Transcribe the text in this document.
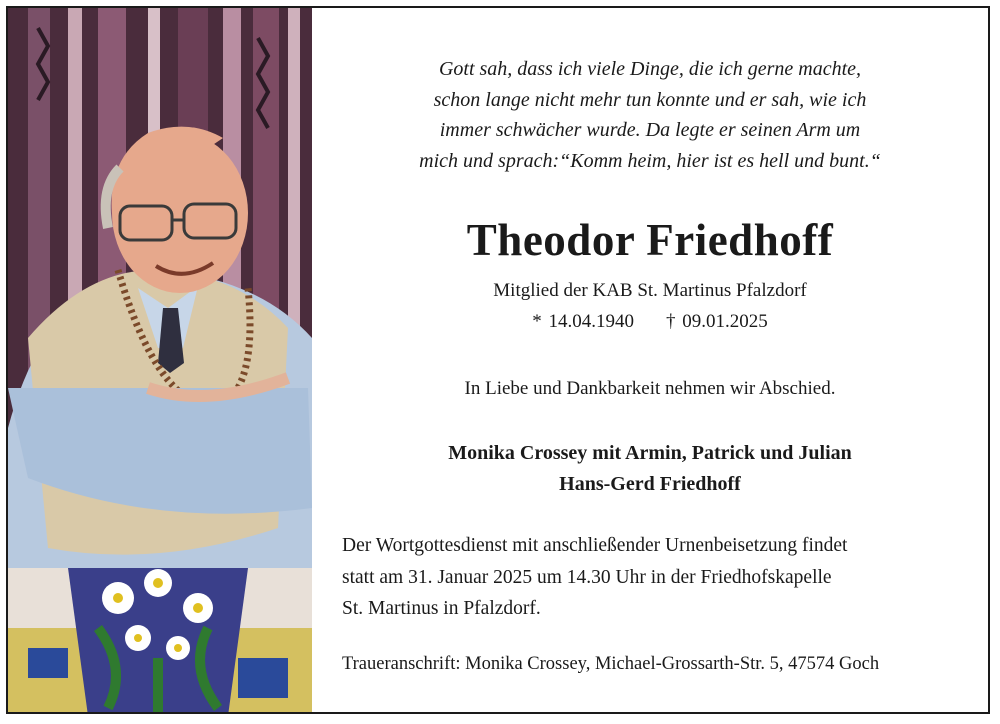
Gott sah, dass ich viele Dinge, die ich gerne machte,
schon lange nicht mehr tun konnte und er sah, wie ich
immer schwächer wurde. Da legte er seinen Arm um
mich und sprach:“Komm heim, hier ist es hell und bunt.“
Theodor Friedhoff
Mitglied der KAB St. Martinus Pfalzdorf
* 14.04.1940 † 09.01.2025
In Liebe und Dankbarkeit nehmen wir Abschied.
Monika Crossey mit Armin, Patrick und Julian
Hans-Gerd Friedhoff
Der Wortgottesdienst mit anschließender Urnenbeisetzung findet
statt am 31. Januar 2025 um 14.30 Uhr in der Friedhofskapelle
St. Martinus in Pfalzdorf.
Traueranschrift: Monika Crossey, Michael-Grossarth-Str. 5, 47574 Goch
